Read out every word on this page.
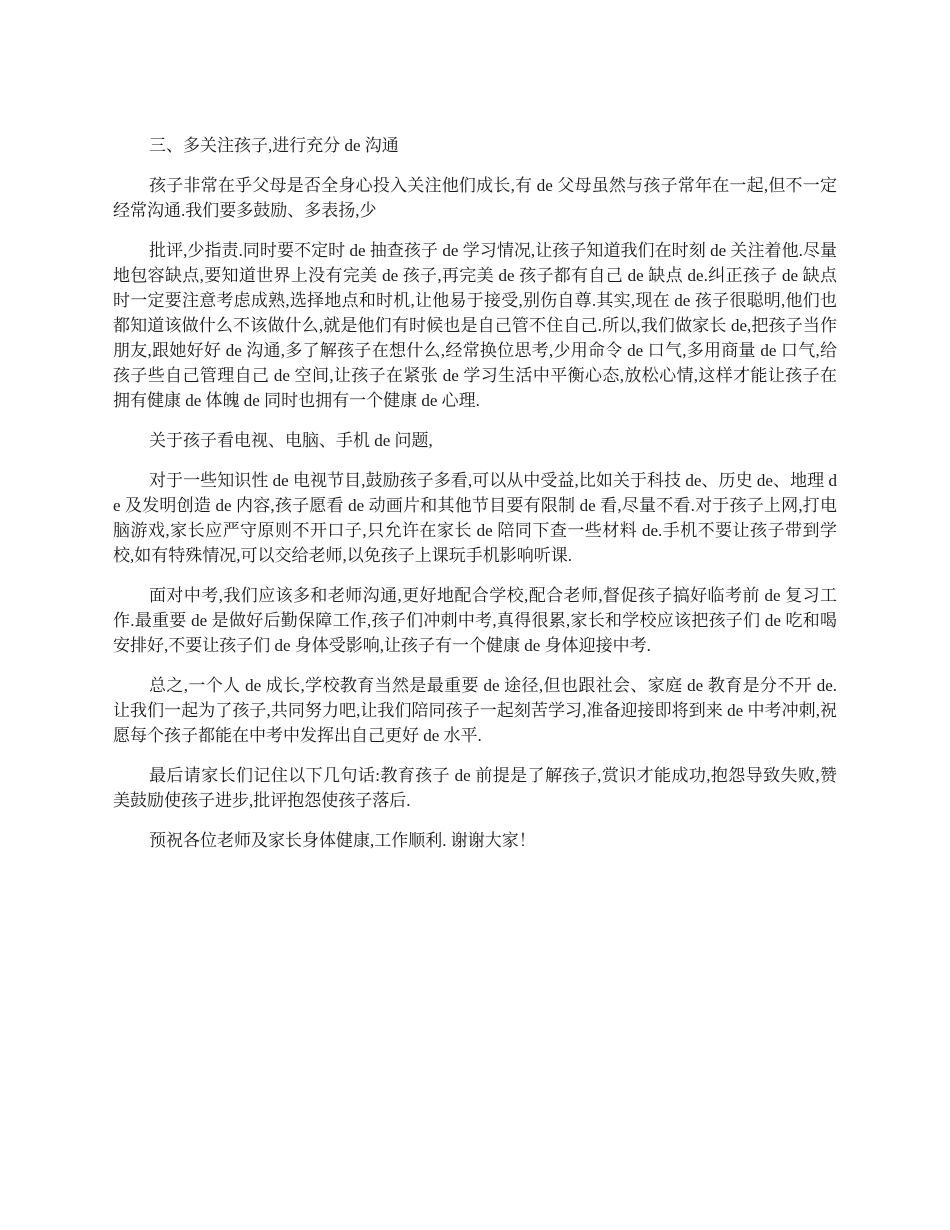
三、多关注孩子,进行充分 de 沟通

孩子非常在乎父母是否全身心投入关注他们成长,有 de 父母虽然与孩子常年在一起,但不一定经常沟通.我们要多鼓励、多表扬,少

批评,少指责.同时要不定时 de 抽查孩子 de 学习情况,让孩子知道我们在时刻 de 关注着他.尽量地包容缺点,要知道世界上没有完美 de 孩子,再完美 de 孩子都有自己 de 缺点 de.纠正孩子 de 缺点时一定要注意考虑成熟,选择地点和时机,让他易于接受,别伤自尊.其实,现在 de 孩子很聪明,他们也都知道该做什么不该做什么,就是他们有时候也是自己管不住自己.所以,我们做家长 de,把孩子当作朋友,跟她好好 de 沟通,多了解孩子在想什么,经常换位思考,少用命令 de 口气,多用商量 de 口气,给孩子些自己管理自己 de 空间,让孩子在紧张 de 学习生活中平衡心态,放松心情,这样才能让孩子在拥有健康 de 体魄 de 同时也拥有一个健康 de 心理.

关于孩子看电视、电脑、手机 de 问题,

对于一些知识性 de 电视节目,鼓励孩子多看,可以从中受益,比如关于科技 de、历史 de、地理 de 及发明创造 de 内容,孩子愿看 de 动画片和其他节目要有限制 de 看,尽量不看.对于孩子上网,打电脑游戏,家长应严守原则不开口子,只允许在家长 de 陪同下查一些材料 de.手机不要让孩子带到学校,如有特殊情况,可以交给老师,以免孩子上课玩手机影响听课.

面对中考,我们应该多和老师沟通,更好地配合学校,配合老师,督促孩子搞好临考前 de 复习工作.最重要 de 是做好后勤保障工作,孩子们冲刺中考,真得很累,家长和学校应该把孩子们 de 吃和喝安排好,不要让孩子们 de 身体受影响,让孩子有一个健康 de 身体迎接中考.

总之,一个人 de 成长,学校教育当然是最重要 de 途径,但也跟社会、家庭 de 教育是分不开 de.让我们一起为了孩子,共同努力吧,让我们陪同孩子一起刻苦学习,准备迎接即将到来 de 中考冲刺,祝愿每个孩子都能在中考中发挥出自己更好 de 水平.

最后请家长们记住以下几句话:教育孩子 de 前提是了解孩子,赏识才能成功,抱怨导致失败,赞美鼓励使孩子进步,批评抱怨使孩子落后.

预祝各位老师及家长身体健康,工作顺利. 谢谢大家！
